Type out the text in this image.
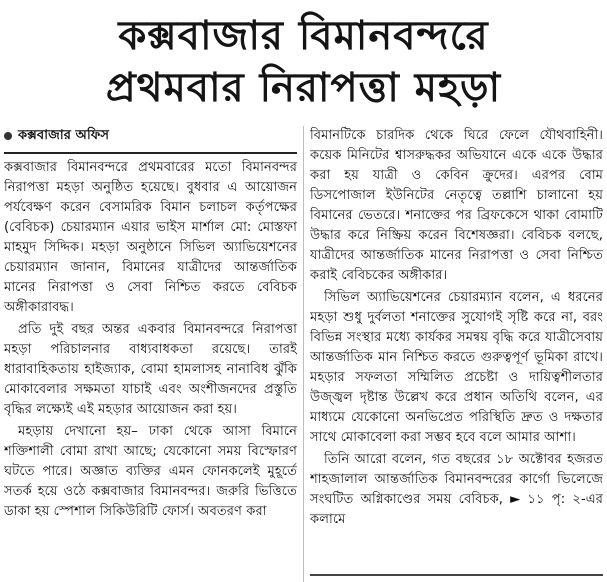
কক্সবাজার বিমানবন্দরে
প্রথমবার নিরাপত্তা মহড়া
কক্সবাজার অফিস

কক্সবাজার বিমানবন্দরে প্রথমবারের মতো বিমানবন্দর নিরাপত্তা মহড়া অনুষ্ঠিত হয়েছে। বুধবার এ আয়োজন পর্যবেক্ষণ করেন বেসামরিক বিমান চলাচল কর্তৃপক্ষের (বেবিচক) চেয়ারম্যান এয়ার ভাইস মার্শাল মো: মোস্তফা মাহমুদ সিদ্দিক। মহড়া অনুষ্ঠানে সিভিল অ্যাভিয়েশনের চেয়ারম্যান জানান, বিমানের যাত্রীদের আন্তর্জাতিক মানের নিরাপত্তা ও সেবা নিশ্চিত করতে বেবিচক অঙ্গীকারাবদ্ধ।

প্রতি দুই বছর অন্তর একবার বিমানবন্দরে নিরাপত্তা মহড়া পরিচালনার বাধ্যবাধকতা রয়েছে। তারই ধারাবাহিকতায় হাইজ্যাক, বোমা হামলাসহ নানাবিধ ঝুঁকি মোকাবেলার সক্ষমতা যাচাই এবং অংশীজনদের প্রস্তুতি বৃদ্ধির লক্ষ্যেই এই মহড়ার আয়োজন করা হয়।

মহড়ায় দেখানো হয়– ঢাকা থেকে আসা বিমানে শক্তিশালী বোমা রাখা আছে; যেকোনো সময় বিস্ফোরণ ঘটতে পারে। অজ্ঞাত ব্যক্তির এমন ফোনকলেই মুহূর্তে সতর্ক হয়ে ওঠে কক্সবাজার বিমানবন্দর। জরুরি ভিত্তিতে ডাকা হয় স্পেশাল সিকিউরিটি ফোর্স। অবতরণ করা

বিমানটিকে চারদিক থেকে ঘিরে ফেলে যৌথবাহিনী। কয়েক মিনিটের শ্বাসরুদ্ধকর অভিযানে একে একে উদ্ধার করা হয় যাত্রী ও কেবিন ক্রুদের। এরপর বোম ডিসপোজাল ইউনিটের নেতৃত্বে তল্লাশি চালানো হয় বিমানের ভেতরে। শনাক্তের পর ব্রিফকেসে থাকা বোমাটি উদ্ধার করে নিষ্ক্রিয় করেন বিশেষজ্ঞরা। বেবিচক বলছে, যাত্রীদের আন্তর্জাতিক মানের নিরাপত্তা ও সেবা নিশ্চিত করাই বেবিচকের অঙ্গীকার।

সিভিল অ্যাভিয়েশনের চেয়ারম্যান বলেন, এ ধরনের মহড়া শুধু দুর্বলতা শনাক্তের সুযোগই সৃষ্টি করে না, বরং বিভিন্ন সংস্থার মধ্যে কার্যকর সমন্বয় বৃদ্ধি করে যাত্রীসেবায় আন্তর্জাতিক মান নিশ্চিত করতে গুরুত্বপূর্ণ ভূমিকা রাখে। মহড়ার সফলতা সম্মিলিত প্রচেষ্টা ও দায়িত্বশীলতার উজ্জ্বল দৃষ্টান্ত উল্লেখ করে প্রধান অতিথি বলেন, এর মাধ্যমে যেকোনো অনভিপ্রেত পরিস্থিতি দ্রুত ও দক্ষতার সাথে মোকাবেলা করা সম্ভব হবে বলে আমার আশা।

তিনি আরো বলেন, গত বছরের ১৮ অক্টোবর হজরত শাহজালাল আন্তর্জাতিক বিমানবন্দরের কার্গো ভিলেজে সংঘটিত অগ্নিকাণ্ডের সময় বেবিচক, ► ১১ পৃ: ২-এর কলামে
